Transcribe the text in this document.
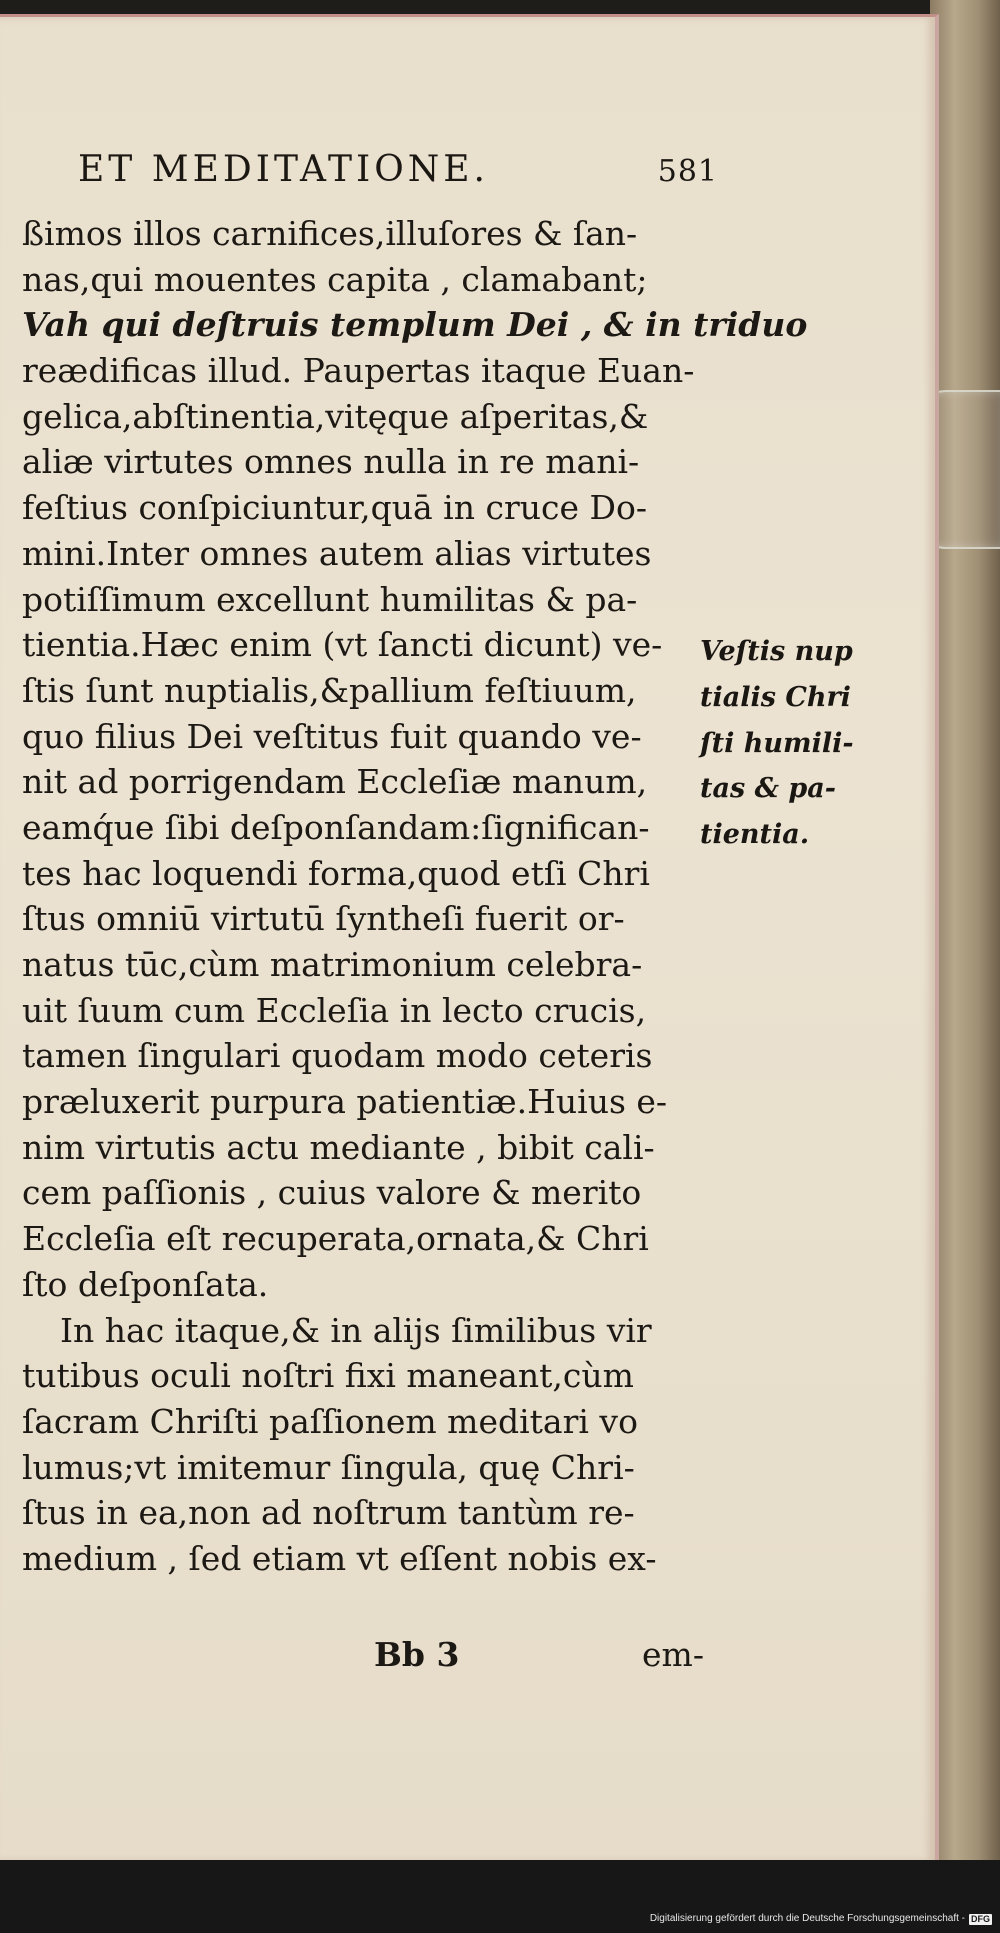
ET MEDITATIONE.	581
ßimos illos carnifices,illuſores & ſan-
nas,qui mouentes capita , clamabant;
Vah qui deſtruis templum Dei , & in triduo
reædificas illud. Paupertas itaque Euan-
gelica,abſtinentia,vitęque aſperitas,&
aliæ virtutes omnes nulla in re mani-
feſtius conſpiciuntur,quā in cruce Do-
mini.Inter omnes autem alias virtutes
potiſſimum excellunt humilitas & pa-
tientia.Hæc enim (vt ſancti dicunt) ve-
ſtis ſunt nuptialis,&pallium feſtiuum,
quo filius Dei veſtitus fuit quando ve-
nit ad porrigendam Eccleſiæ manum,
eamq́ue ſibi deſponſandam:ſignifican-
tes hac loquendi forma,quod etſi Chri
ſtus omniū virtutū ſyntheſi fuerit or-
natus tūc,cùm matrimonium celebra-
uit ſuum cum Eccleſia in lecto crucis,
tamen ſingulari quodam modo ceteris
præluxerit purpura patientiæ.Huius e-
nim virtutis actu mediante , bibit cali-
cem paſſionis , cuius valore & merito
Eccleſia eſt recuperata,ornata,& Chri
ſto deſponſata.
In hac itaque,& in alijs ſimilibus vir
tutibus oculi noſtri fixi maneant,cùm
ſacram Chriſti paſſionem meditari vo
lumus;vt imitemur ſingula, quę Chri-
ſtus in ea,non ad noſtrum tantùm re-
medium , ſed etiam vt eſſent nobis ex-
Veſtis nup
tialis Chri
ſti humili-
tas & pa-
tientia.
Bb 3	em-
Digitalisierung gefördert durch die Deutsche Forschungsgemeinschaft - DFG
